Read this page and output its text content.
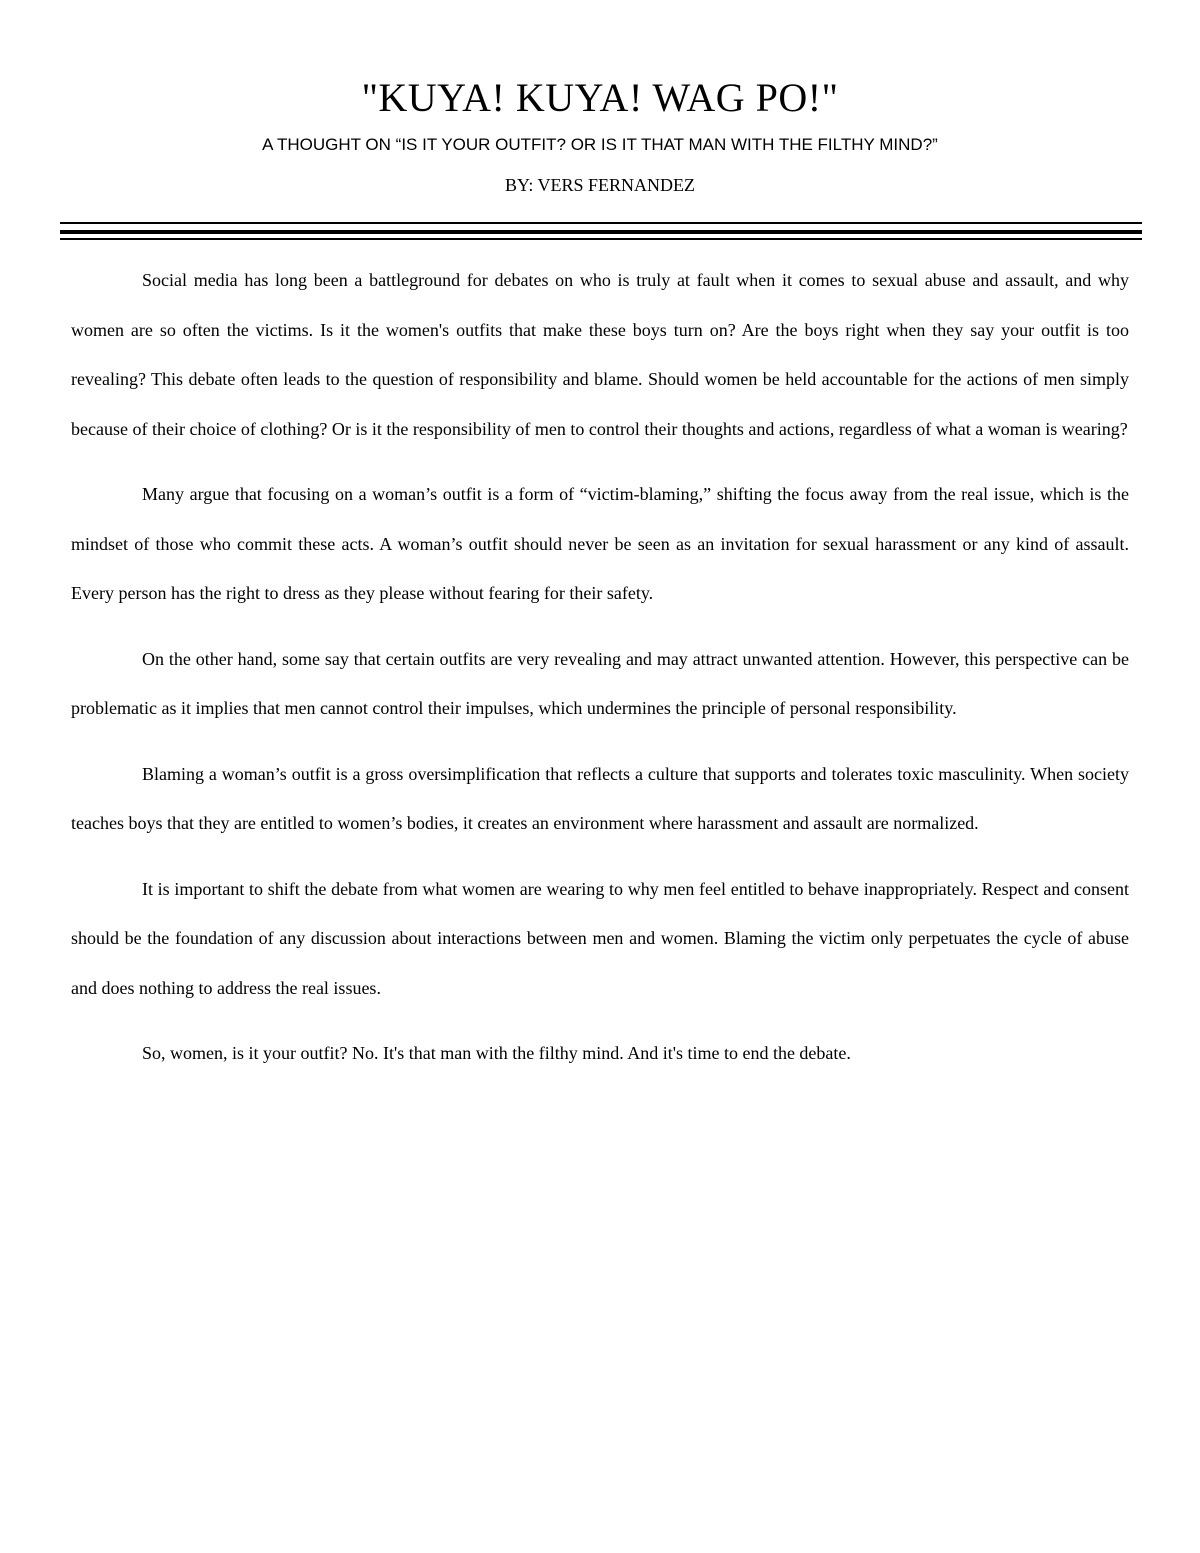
"KUYA! KUYA! WAG PO!"

A THOUGHT ON “IS IT YOUR OUTFIT? OR IS IT THAT MAN WITH THE FILTHY MIND?”

BY: VERS FERNANDEZ

Social media has long been a battleground for debates on who is truly at fault when it comes to sexual abuse and assault, and why women are so often the victims. Is it the women's outfits that make these boys turn on? Are the boys right when they say your outfit is too revealing? This debate often leads to the question of responsibility and blame. Should women be held accountable for the actions of men simply because of their choice of clothing? Or is it the responsibility of men to control their thoughts and actions, regardless of what a woman is wearing?

Many argue that focusing on a woman’s outfit is a form of “victim-blaming,” shifting the focus away from the real issue, which is the mindset of those who commit these acts. A woman’s outfit should never be seen as an invitation for sexual harassment or any kind of assault. Every person has the right to dress as they please without fearing for their safety.

On the other hand, some say that certain outfits are very revealing and may attract unwanted attention. However, this perspective can be problematic as it implies that men cannot control their impulses, which undermines the principle of personal responsibility.

Blaming a woman’s outfit is a gross oversimplification that reflects a culture that supports and tolerates toxic masculinity. When society teaches boys that they are entitled to women’s bodies, it creates an environment where harassment and assault are normalized.

It is important to shift the debate from what women are wearing to why men feel entitled to behave inappropriately. Respect and consent should be the foundation of any discussion about interactions between men and women. Blaming the victim only perpetuates the cycle of abuse and does nothing to address the real issues.

So, women, is it your outfit? No. It's that man with the filthy mind. And it's time to end the debate.
